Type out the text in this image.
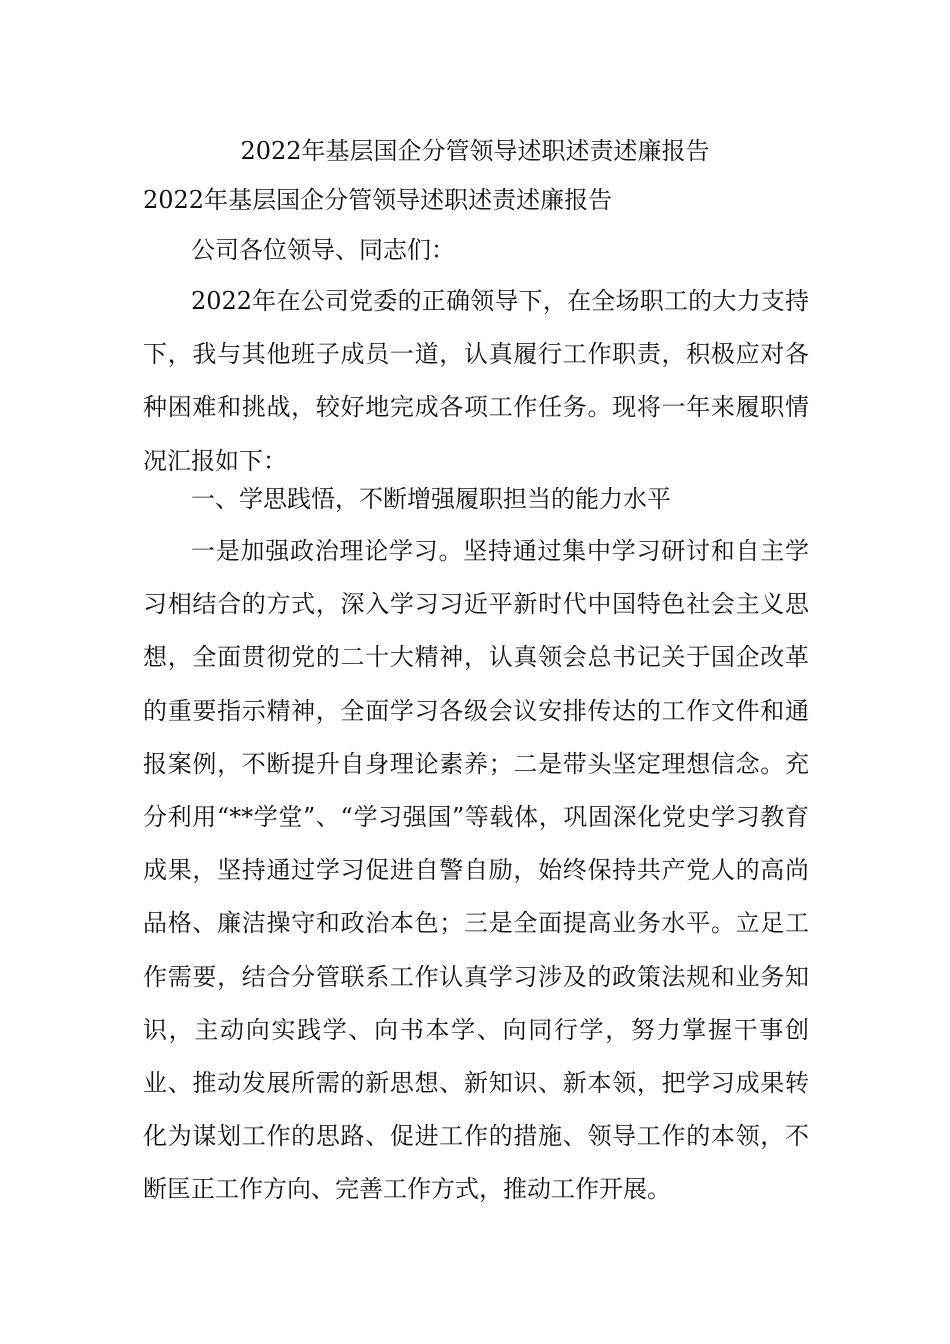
2022年基层国企分管领导述职述责述廉报告
2022年基层国企分管领导述职述责述廉报告

公司各位领导、同志们：

2022年在公司党委的正确领导下，在全场职工的大力支持下，我与其他班子成员一道，认真履行工作职责，积极应对各种困难和挑战，较好地完成各项工作任务。现将一年来履职情况汇报如下：

一、学思践悟，不断增强履职担当的能力水平

一是加强政治理论学习。坚持通过集中学习研讨和自主学习相结合的方式，深入学习习近平新时代中国特色社会主义思想，全面贯彻党的二十大精神，认真领会总书记关于国企改革的重要指示精神，全面学习各级会议安排传达的工作文件和通报案例，不断提升自身理论素养；二是带头坚定理想信念。充分利用“**学堂”、“学习强国”等载体，巩固深化党史学习教育成果，坚持通过学习促进自警自励，始终保持共产党人的高尚品格、廉洁操守和政治本色；三是全面提高业务水平。立足工作需要，结合分管联系工作认真学习涉及的政策法规和业务知识，主动向实践学、向书本学、向同行学，努力掌握干事创业、推动发展所需的新思想、新知识、新本领，把学习成果转化为谋划工作的思路、促进工作的措施、领导工作的本领，不断匡正工作方向、完善工作方式，推动工作开展。
